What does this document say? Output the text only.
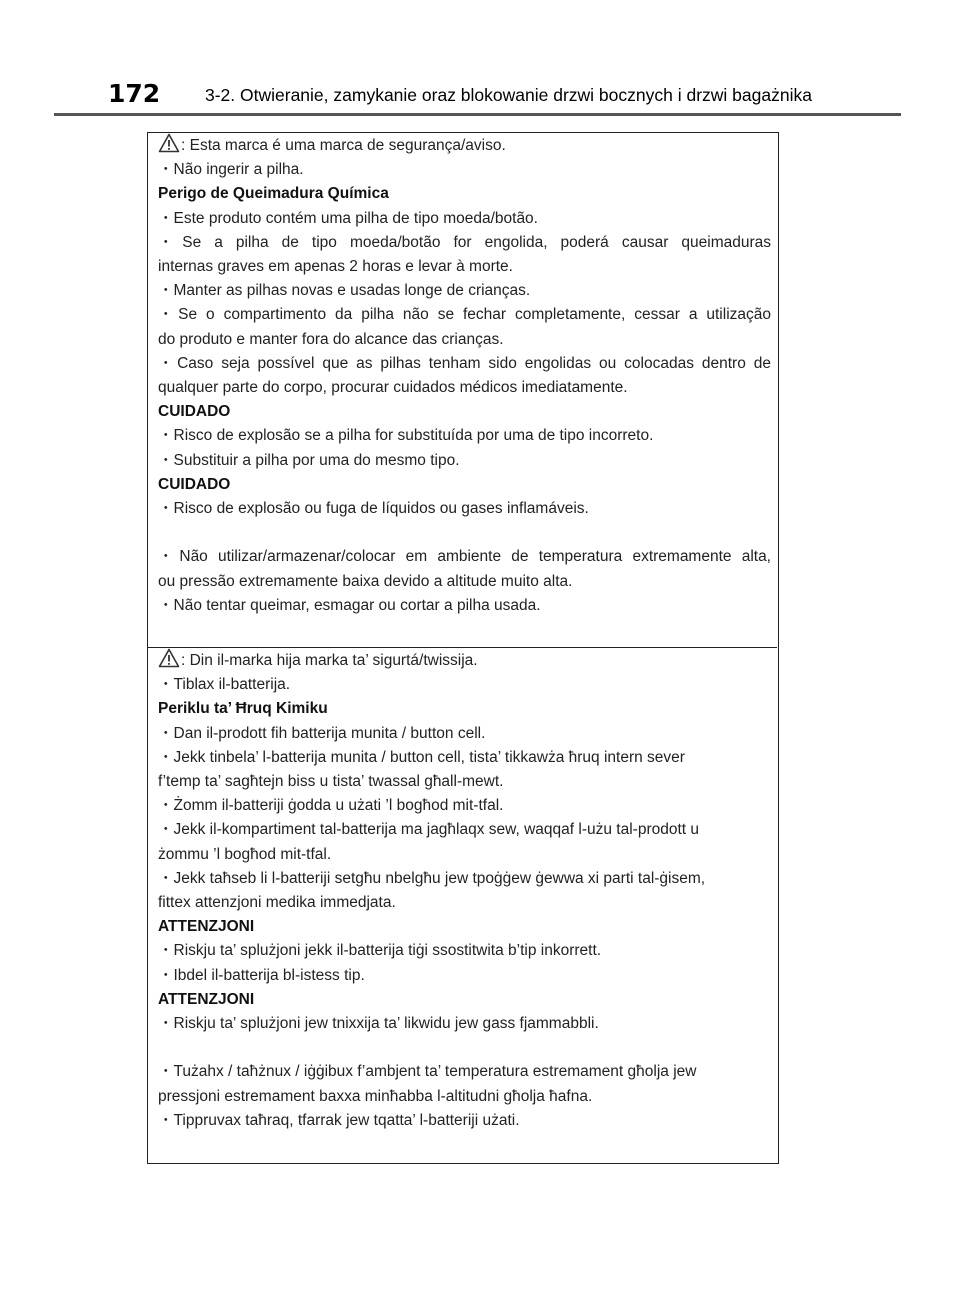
172	3-2. Otwieranie, zamykanie oraz blokowanie drzwi bocznych i drzwi bagażnika
: Esta marca é uma marca de segurança/aviso.
・Não ingerir a pilha.
Perigo de Queimadura Química
・Este produto contém uma pilha de tipo moeda/botão.
・Se a pilha de tipo moeda/botão for engolida, poderá causar queimaduras
internas graves em apenas 2 horas e levar à morte.
・Manter as pilhas novas e usadas longe de crianças.
・Se o compartimento da pilha não se fechar completamente, cessar a utilização
do produto e manter fora do alcance das crianças.
・Caso seja possível que as pilhas tenham sido engolidas ou colocadas dentro de
qualquer parte do corpo, procurar cuidados médicos imediatamente.
CUIDADO
・Risco de explosão se a pilha for substituída por uma de tipo incorreto.
・Substituir a pilha por uma do mesmo tipo.
CUIDADO
・Risco de explosão ou fuga de líquidos ou gases inflamáveis.
・Não utilizar/armazenar/colocar em ambiente de temperatura extremamente alta,
ou pressão extremamente baixa devido a altitude muito alta.
・Não tentar queimar, esmagar ou cortar a pilha usada.
: Din il-marka hija marka ta’ sigurtá/twissija.
・Tiblax il-batterija.
Periklu ta’ Ħruq Kimiku
・Dan il-prodott fih batterija munita / button cell.
・Jekk tinbela’ l-batterija munita / button cell, tista’ tikkawża ħruq intern sever
f’temp ta’ sagħtejn biss u tista’ twassal għall-mewt.
・Żomm il-batteriji ġodda u użati ’l bogħod mit-tfal.
・Jekk il-kompartiment tal-batterija ma jagħlaqx sew, waqqaf l-użu tal-prodott u
żommu ’l bogħod mit-tfal.
・Jekk taħseb li l-batteriji setgħu nbelgħu jew tpoġġew ġewwa xi parti tal-ġisem,
fittex attenzjoni medika immedjata.
ATTENZJONI
・Riskju ta’ splużjoni jekk il-batterija tiġi ssostitwita b’tip inkorrett.
・Ibdel il-batterija bl-istess tip.
ATTENZJONI
・Riskju ta’ splużjoni jew tnixxija ta’ likwidu jew gass fjammabbli.
・Tużahx / taħżnux / iġġibux f’ambjent ta’ temperatura estremament għolja jew
pressjoni estremament baxxa minħabba l-altitudni għolja ħafna.
・Tippruvax taħraq, tfarrak jew tqatta’ l-batteriji użati.
